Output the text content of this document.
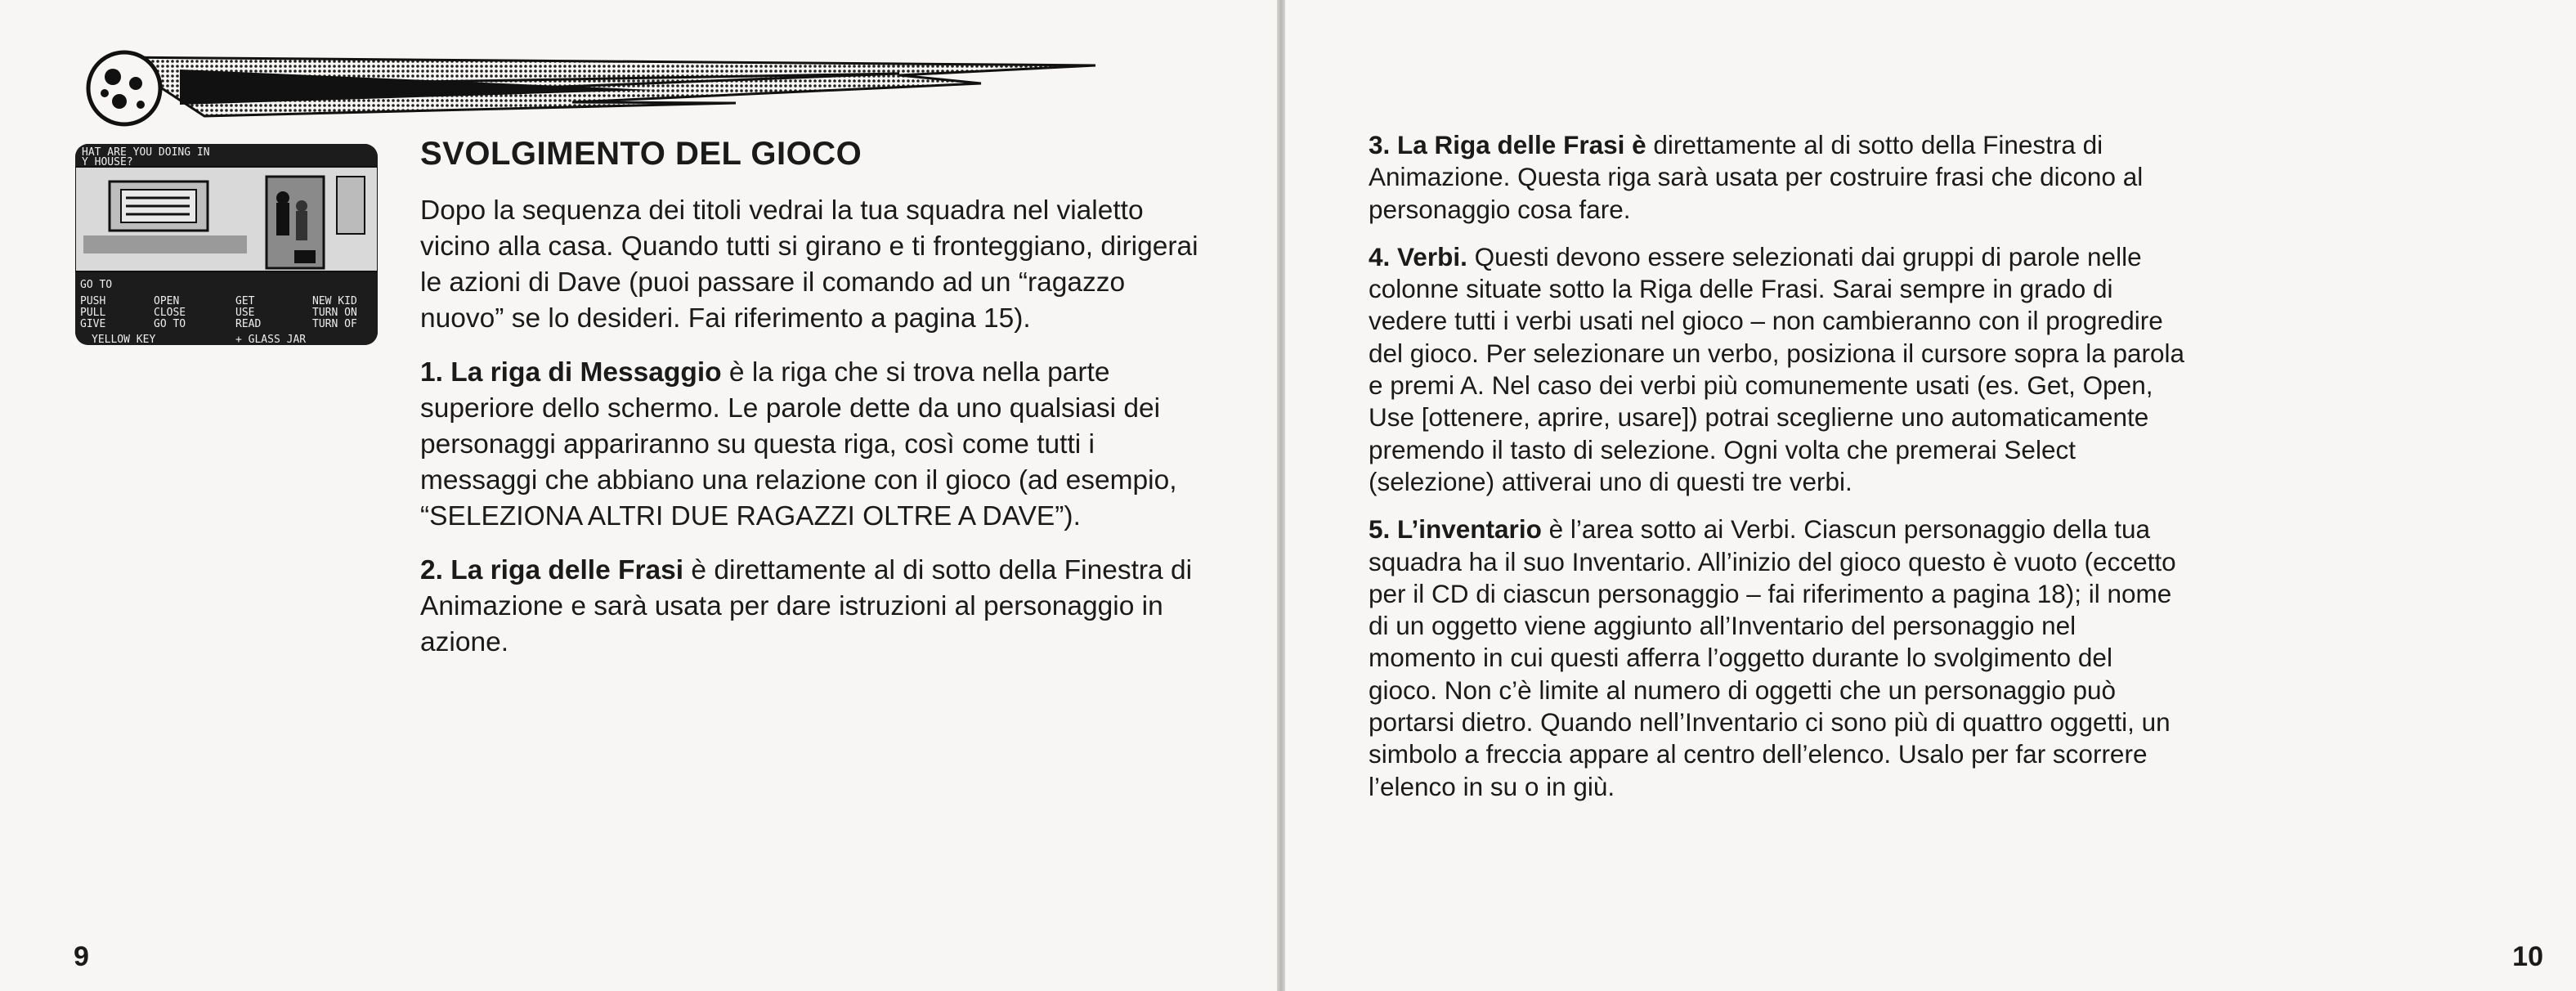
HAT ARE YOU DOING IN
Y HOUSE?
GO TO
PUSH	OPEN	GET	NEW KID
PULL	CLOSE	USE	TURN ON
GIVE	GO TO	READ	TURN OF
YELLOW KEY	+ GLASS JAR
SVOLGIMENTO DEL GIOCO

Dopo la sequenza dei titoli vedrai la tua squadra nel vialetto vicino alla casa. Quando tutti si girano e ti fronteggiano, dirigerai le azioni di Dave (puoi passare il comando ad un “ragazzo nuovo” se lo desideri. Fai riferimento a pagina 15).

1. La riga di Messaggio è la riga che si trova nella parte superiore dello schermo. Le parole dette da uno qualsiasi dei personaggi appariranno su questa riga, così come tutti i messaggi che abbiano una relazione con il gioco (ad esempio, “SELEZIONA ALTRI DUE RAGAZZI OLTRE A DAVE”).

2. La riga delle Frasi è direttamente al di sotto della Finestra di Animazione e sarà usata per dare istruzioni al personaggio in azione.

9

3. La Riga delle Frasi è direttamente al di sotto della Finestra di Animazione. Questa riga sarà usata per costruire frasi che dicono al personaggio cosa fare.

4. Verbi. Questi devono essere selezionati dai gruppi di parole nelle colonne situate sotto la Riga delle Frasi. Sarai sempre in grado di vedere tutti i verbi usati nel gioco – non cambieranno con il progredire del gioco. Per selezionare un verbo, posiziona il cursore sopra la parola e premi A. Nel caso dei verbi più comunemente usati (es. Get, Open, Use [ottenere, aprire, usare]) potrai sceglierne uno automaticamente premendo il tasto di selezione. Ogni volta che premerai Select (selezione) attiverai uno di questi tre verbi.

5. L’inventario è l’area sotto ai Verbi. Ciascun personaggio della tua squadra ha il suo Inventario. All’inizio del gioco questo è vuoto (eccetto per il CD di ciascun personaggio – fai riferimento a pagina 18); il nome di un oggetto viene aggiunto all’Inventario del personaggio nel momento in cui questi afferra l’oggetto durante lo svolgimento del gioco. Non c’è limite al numero di oggetti che un personaggio può portarsi dietro. Quando nell’Inventario ci sono più di quattro oggetti, un simbolo a freccia appare al centro dell’elenco. Usalo per far scorrere l’elenco in su o in giù.

10
